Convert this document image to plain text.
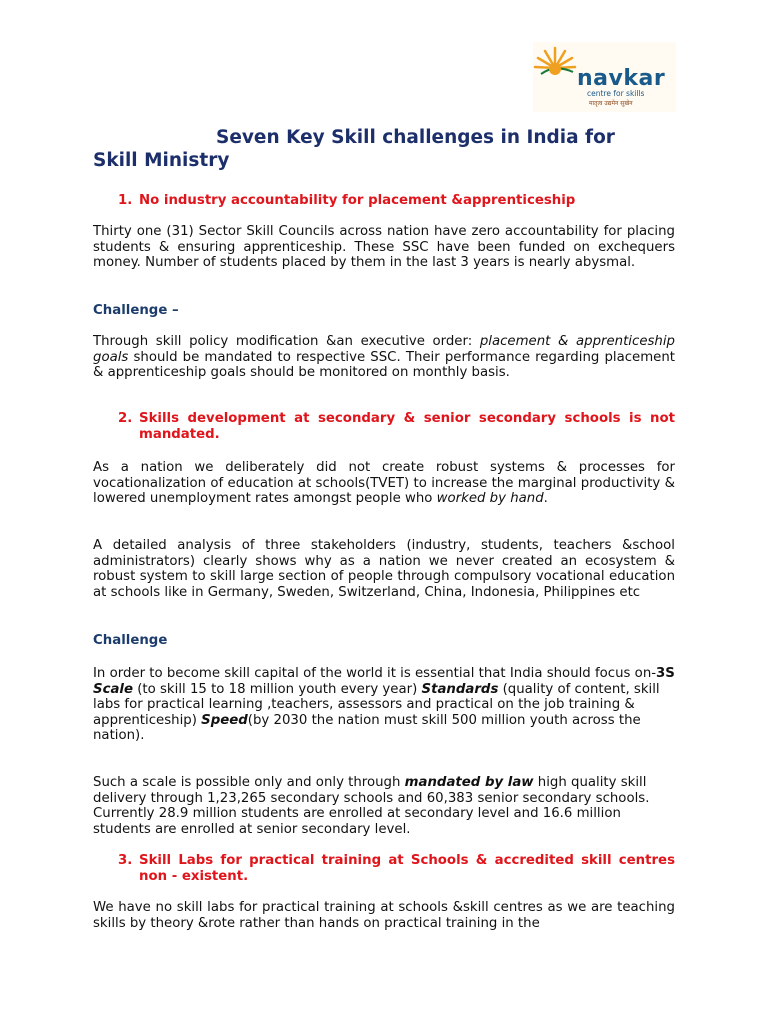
navkar
centre for skills
मातृत्व उद्यमेन सुखेन
Seven Key Skill challenges in India for
Skill Ministry
1. No industry accountability for placement &apprenticeship
Thirty one (31) Sector Skill Councils across nation have zero accountability for placing students & ensuring apprenticeship. These SSC have been funded on exchequers money. Number of students placed by them in the last 3 years is nearly abysmal.
Challenge –
Through skill policy modification &an executive order: placement & apprenticeship goals should be mandated to respective SSC. Their performance regarding placement & apprenticeship goals should be monitored on monthly basis.
2. Skills development at secondary & senior secondary schools is not mandated.
As a nation we deliberately did not create robust systems & processes for vocationalization of education at schools(TVET) to increase the marginal productivity & lowered unemployment rates amongst people who worked by hand.
A detailed analysis of three stakeholders (industry, students, teachers &school administrators) clearly shows why as a nation we never created an ecosystem & robust system to skill large section of people through compulsory vocational education at schools like in Germany, Sweden, Switzerland, China, Indonesia, Philippines etc
Challenge
In order to become skill capital of the world it is essential that India should focus on-3S
Scale (to skill 15 to 18 million youth every year) Standards (quality of content, skill labs for practical learning ,teachers, assessors and practical on the job training & apprenticeship) Speed(by 2030 the nation must skill 500 million youth across the nation).
Such a scale is possible only and only through mandated by law high quality skill delivery through 1,23,265 secondary schools and 60,383 senior secondary schools. Currently 28.9 million students are enrolled at secondary level and 16.6 million students are enrolled at senior secondary level.
3. Skill Labs for practical training at Schools & accredited skill centres non - existent.
We have no skill labs for practical training at schools &skill centres as we are teaching skills by theory &rote rather than hands on practical training in the
